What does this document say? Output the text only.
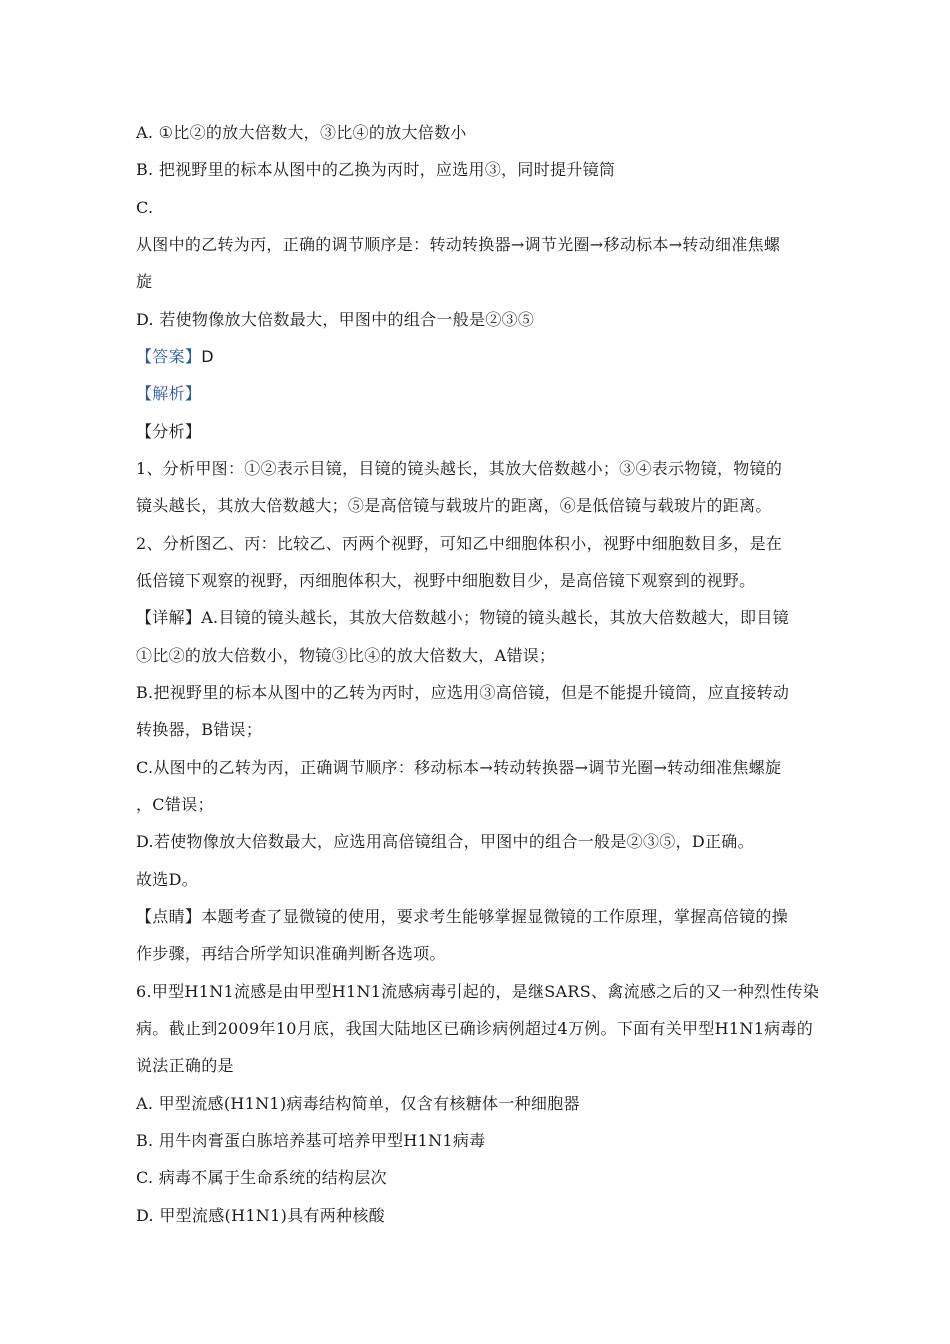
A. ①比②的放大倍数大，③比④的放大倍数小
B. 把视野里的标本从图中的乙换为丙时，应选用③，同时提升镜筒
C.
从图中的乙转为丙，正确的调节顺序是：转动转换器→调节光圈→移动标本→转动细准焦螺
旋
D. 若使物像放大倍数最大，甲图中的组合一般是②③⑤
【答案】D
【解析】
【分析】
1、分析甲图：①②表示目镜，目镜的镜头越长，其放大倍数越小；③④表示物镜，物镜的
镜头越长，其放大倍数越大；⑤是高倍镜与载玻片的距离，⑥是低倍镜与载玻片的距离。
2、分析图乙、丙：比较乙、丙两个视野，可知乙中细胞体积小，视野中细胞数目多，是在
低倍镜下观察的视野，丙细胞体积大，视野中细胞数目少，是高倍镜下观察到的视野。
【详解】A.目镜的镜头越长，其放大倍数越小；物镜的镜头越长，其放大倍数越大，即目镜
①比②的放大倍数小，物镜③比④的放大倍数大，A错误；
B.把视野里的标本从图中的乙转为丙时，应选用③高倍镜，但是不能提升镜筒，应直接转动
转换器，B错误；
C.从图中的乙转为丙，正确调节顺序：移动标本→转动转换器→调节光圈→转动细准焦螺旋
，C错误；
D.若使物像放大倍数最大，应选用高倍镜组合，甲图中的组合一般是②③⑤，D正确。
故选D。
【点睛】本题考查了显微镜的使用，要求考生能够掌握显微镜的工作原理，掌握高倍镜的操
作步骤，再结合所学知识准确判断各选项。
6.甲型H1N1流感是由甲型H1N1流感病毒引起的，是继SARS、禽流感之后的又一种烈性传染
病。截止到2009年10月底，我国大陆地区已确诊病例超过4万例。下面有关甲型H1N1病毒的
说法正确的是
A. 甲型流感(H1N1)病毒结构简单，仅含有核糖体一种细胞器
B. 用牛肉膏蛋白胨培养基可培养甲型H1N1病毒
C. 病毒不属于生命系统的结构层次
D. 甲型流感(H1N1)具有两种核酸
